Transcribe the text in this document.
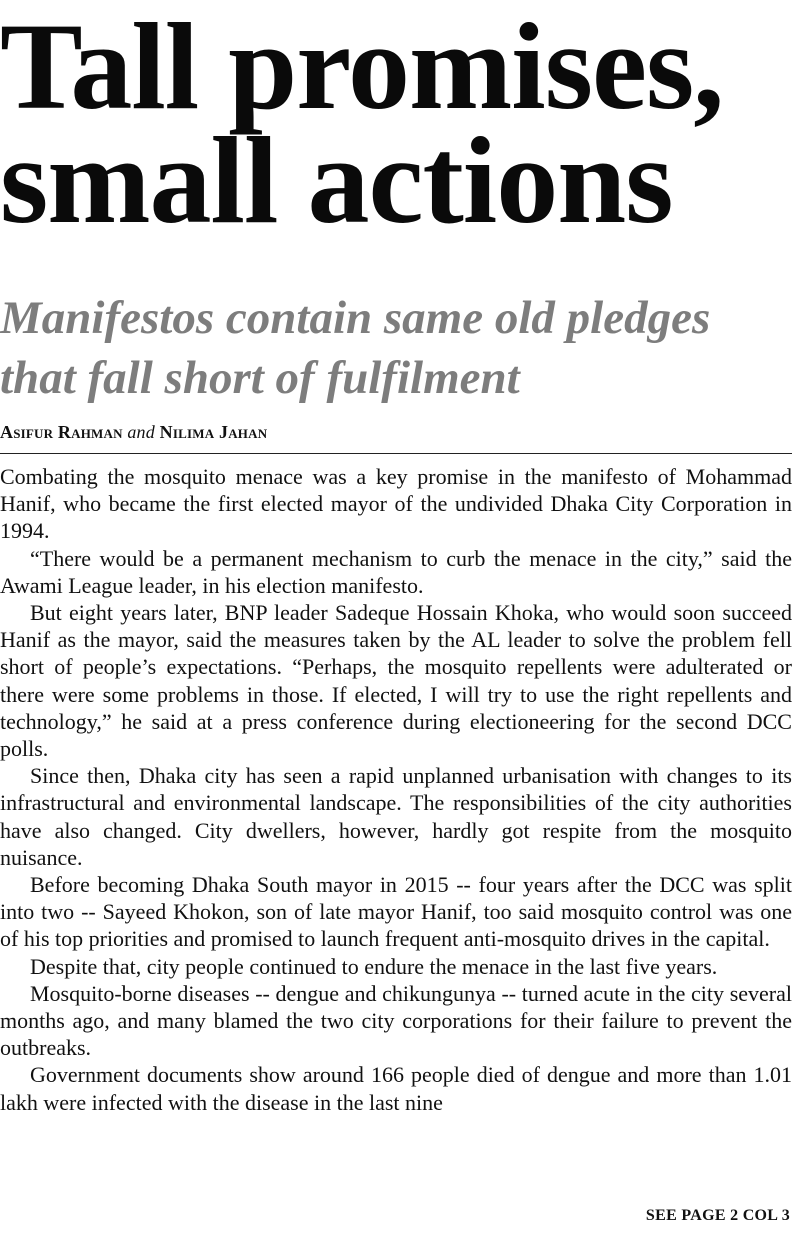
Tall promises,
small actions
Manifestos contain same old pledges
that fall short of fulfilment
Asifur Rahman and Nilima Jahan

Combating the mosquito menace was a key promise in the manifesto of Mohammad Hanif, who became the first elected mayor of the undivided Dhaka City Corporation in 1994.

“There would be a permanent mechanism to curb the menace in the city,” said the Awami League leader, in his election manifesto.

But eight years later, BNP leader Sadeque Hossain Khoka, who would soon succeed Hanif as the mayor, said the measures taken by the AL leader to solve the problem fell short of people’s expectations. “Perhaps, the mosquito repellents were adulterated or there were some problems in those. If elected, I will try to use the right repellents and technology,” he said at a press conference during electioneering for the second DCC polls.

Since then, Dhaka city has seen a rapid unplanned urbanisation with changes to its infrastructural and environmental landscape. The responsibilities of the city authorities have also changed. City dwellers, however, hardly got respite from the mosquito nuisance.

Before becoming Dhaka South mayor in 2015 -- four years after the DCC was split into two -- Sayeed Khokon, son of late mayor Hanif, too said mosquito control was one of his top priorities and promised to launch frequent anti-mosquito drives in the capital.

Despite that, city people continued to endure the menace in the last five years.

Mosquito-borne diseases -- dengue and chikungunya -- turned acute in the city several months ago, and many blamed the two city corporations for their failure to prevent the outbreaks.

Government documents show around 166 people died of dengue and more than 1.01 lakh were infected with the disease in the last nine

SEE PAGE 2 COL 3
